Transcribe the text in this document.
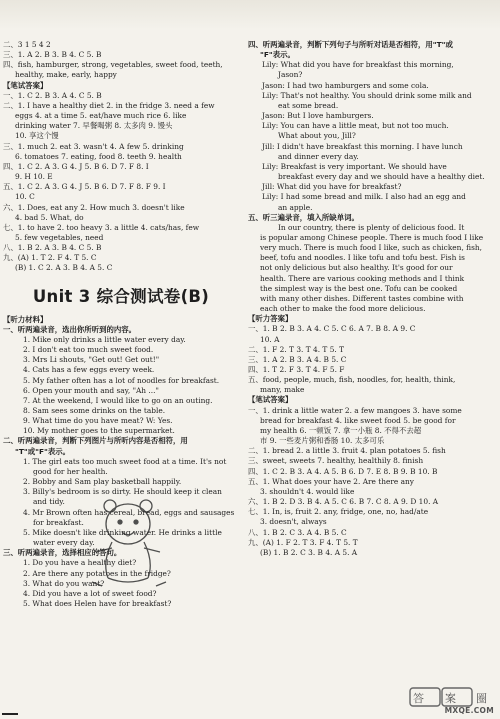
二、3 1 5 4 2
三、1. A 2. B 3. B 4. C 5. B
四、fish, hamburger, strong, vegetables, sweet food, teeth,
healthy, make, early, happy
【笔试答案】
一、1. C 2. B 3. A 4. C 5. B
二、1. I have a healthy diet 2. in the fridge 3. need a few
eggs 4. at a time 5. eat/have much rice 6. like
drinking water 7. 早餐喝粥 8. 太多肉 9. 馒头
10. 享这个馒
三、1. much 2. eat 3. wasn't 4. A few 5. drinking
6. tomatoes 7. eating, food 8. teeth 9. health
四、1. C 2. A 3. G 4. J 5. B 6. D 7. F 8. I
9. H 10. E
五、1. C 2. A 3. G 4. J 5. B 6. D 7. F 8. F 9. I
10. C
六、1. Does, eat any 2. How much 3. doesn't like
4. bad 5. What, do
七、1. to have 2. too heavy 3. a little 4. cats/has, few
5. few vegetables, need
八、1. B 2. A 3. B 4. C 5. B
九、(A) 1. T 2. F 4. T 5. C
(B) 1. C 2. A 3. B 4. A 5. C
Unit 3 综合测试卷(B)
【听力材料】
一、听两遍录音，选出你所听到的内容。
1. Mike only drinks a little water every day.
2. I don't eat too much sweet food.
3. Mrs Li shouts, "Get out! Get out!"
4. Cats has a few eggs every week.
5. My father often has a lot of noodles for breakfast.
6. Open your mouth and say, "Ah ..."
7. At the weekend, I would like to go on an outing.
8. Sam sees some drinks on the table.
9. What time do you have meat? W: Yes.
10. My mother goes to the supermarket.
二、听两遍录音，判断下列图片与所听内容是否相符，用
"T"或"F"表示。
1. The girl eats too much sweet food at a time. It's not
good for her health.
2. Bobby and Sam play basketball happily.
3. Billy's bedroom is so dirty. He should keep it clean
and tidy.
4. Mr Brown often has cereal, bread, eggs and sausages
for breakfast.
5. Mike doesn't like drinking water. He drinks a little
water every day.
三、听两遍录音，选择相应的答句。
1. Do you have a healthy diet?
2. Are there any potatoes in the fridge?
3. What do you want?
4. Did you have a lot of sweet food?
5. What does Helen have for breakfast?
四、听两遍录音，判断下列句子与所听对话是否相符，用"T"或
"F"表示。
Lily: What did you have for breakfast this morning,
Jason?
Jason: I had two hamburgers and some cola.
Lily: That's not healthy. You should drink some milk and
eat some bread.
Jason: But I love hamburgers.
Lily: You can have a little meat, but not too much.
What about you, Jill?
Jill: I didn't have breakfast this morning. I have lunch
and dinner every day.
Lily: Breakfast is very important. We should have
breakfast every day and we should have a healthy diet.
Jill: What did you have for breakfast?
Lily: I had some bread and milk. I also had an egg and
an apple.
五、听三遍录音，填入所缺单词。
In our country, there is plenty of delicious food. It
is popular among Chinese people. There is much food I like
very much. There is much food I like, such as chicken, fish,
beef, tofu and noodles. I like tofu and tofu best. Fish is
not only delicious but also healthy. It's good for our
health. There are various cooking methods and I think
the simplest way is the best one. Tofu can be cooked
with many other dishes. Different tastes combine with
each other to make the food more delicious.
【听力答案】
一、1. B 2. B 3. A 4. C 5. C 6. A 7. B 8. A 9. C
10. A
二、1. F 2. T 3. T 4. T 5. T
三、1. A 2. B 3. A 4. B 5. C
四、1. T 2. F 3. T 4. F 5. F
五、food, people, much, fish, noodles, for, health, think,
many, make
【笔试答案】
一、1. drink a little water 2. a few mangoes 3. have some
bread for breakfast 4. like sweet food 5. be good for
my health 6. 一顿饭 7. 拿一小瓶 8. 不得不去超
市 9. 一些麦片粥和香肠 10. 太多可乐
二、1. bread 2. a little 3. fruit 4. plan potatoes 5. fish
三、sweet, sweets 7. healthy, healthily 8. finish
四、1. C 2. B 3. A 4. A 5. B 6. D 7. E 8. B 9. B 10. B
五、1. What does your have 2. Are there any
3. shouldn't 4. would like
六、1. B 2. D 3. B 4. A 5. C 6. B 7. C 8. A 9. D 10. A
七、1. In, is, fruit 2. any, fridge, one, no, had/ate
3. doesn't, always
八、1. B 2. C 3. A 4. B 5. C
九、(A) 1. F 2. T 3. F 4. T 5. T
(B) 1. B 2. C 3. B 4. A 5. A
答 案 圈
MXQE.COM
